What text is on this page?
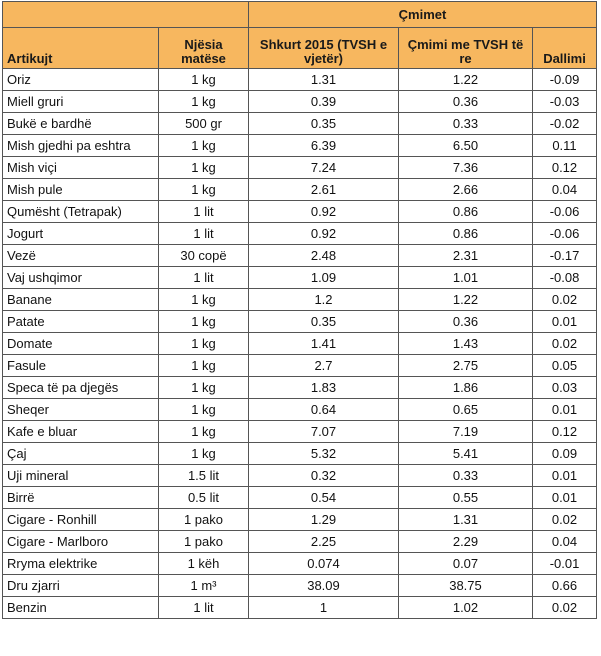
		Çmimet		
Artikujt	Njësia matëse	Shkurt 2015 (TVSH e vjetër)	Çmimi me TVSH të re	Dallimi
Oriz	1 kg	1.31	1.22	-0.09
Miell gruri	1 kg	0.39	0.36	-0.03
Bukë e bardhë	500 gr	0.35	0.33	-0.02
Mish gjedhi pa eshtra	1 kg	6.39	6.50	0.11
Mish viçi	1 kg	7.24	7.36	0.12
Mish pule	1 kg	2.61	2.66	0.04
Qumësht (Tetrapak)	1 lit	0.92	0.86	-0.06
Jogurt	1 lit	0.92	0.86	-0.06
Vezë	30 copë	2.48	2.31	-0.17
Vaj ushqimor	1 lit	1.09	1.01	-0.08
Banane	1 kg	1.2	1.22	0.02
Patate	1 kg	0.35	0.36	0.01
Domate	1 kg	1.41	1.43	0.02
Fasule	1 kg	2.7	2.75	0.05
Speca të pa djegës	1 kg	1.83	1.86	0.03
Sheqer	1 kg	0.64	0.65	0.01
Kafe e bluar	1 kg	7.07	7.19	0.12
Çaj	1 kg	5.32	5.41	0.09
Uji mineral	1.5 lit	0.32	0.33	0.01
Birrë	0.5 lit	0.54	0.55	0.01
Cigare - Ronhill	1 pako	1.29	1.31	0.02
Cigare - Marlboro	1 pako	2.25	2.29	0.04
Rryma elektrike	1 këh	0.074	0.07	-0.01
Dru zjarri	1 m³	38.09	38.75	0.66
Benzin	1 lit	1	1.02	0.02
